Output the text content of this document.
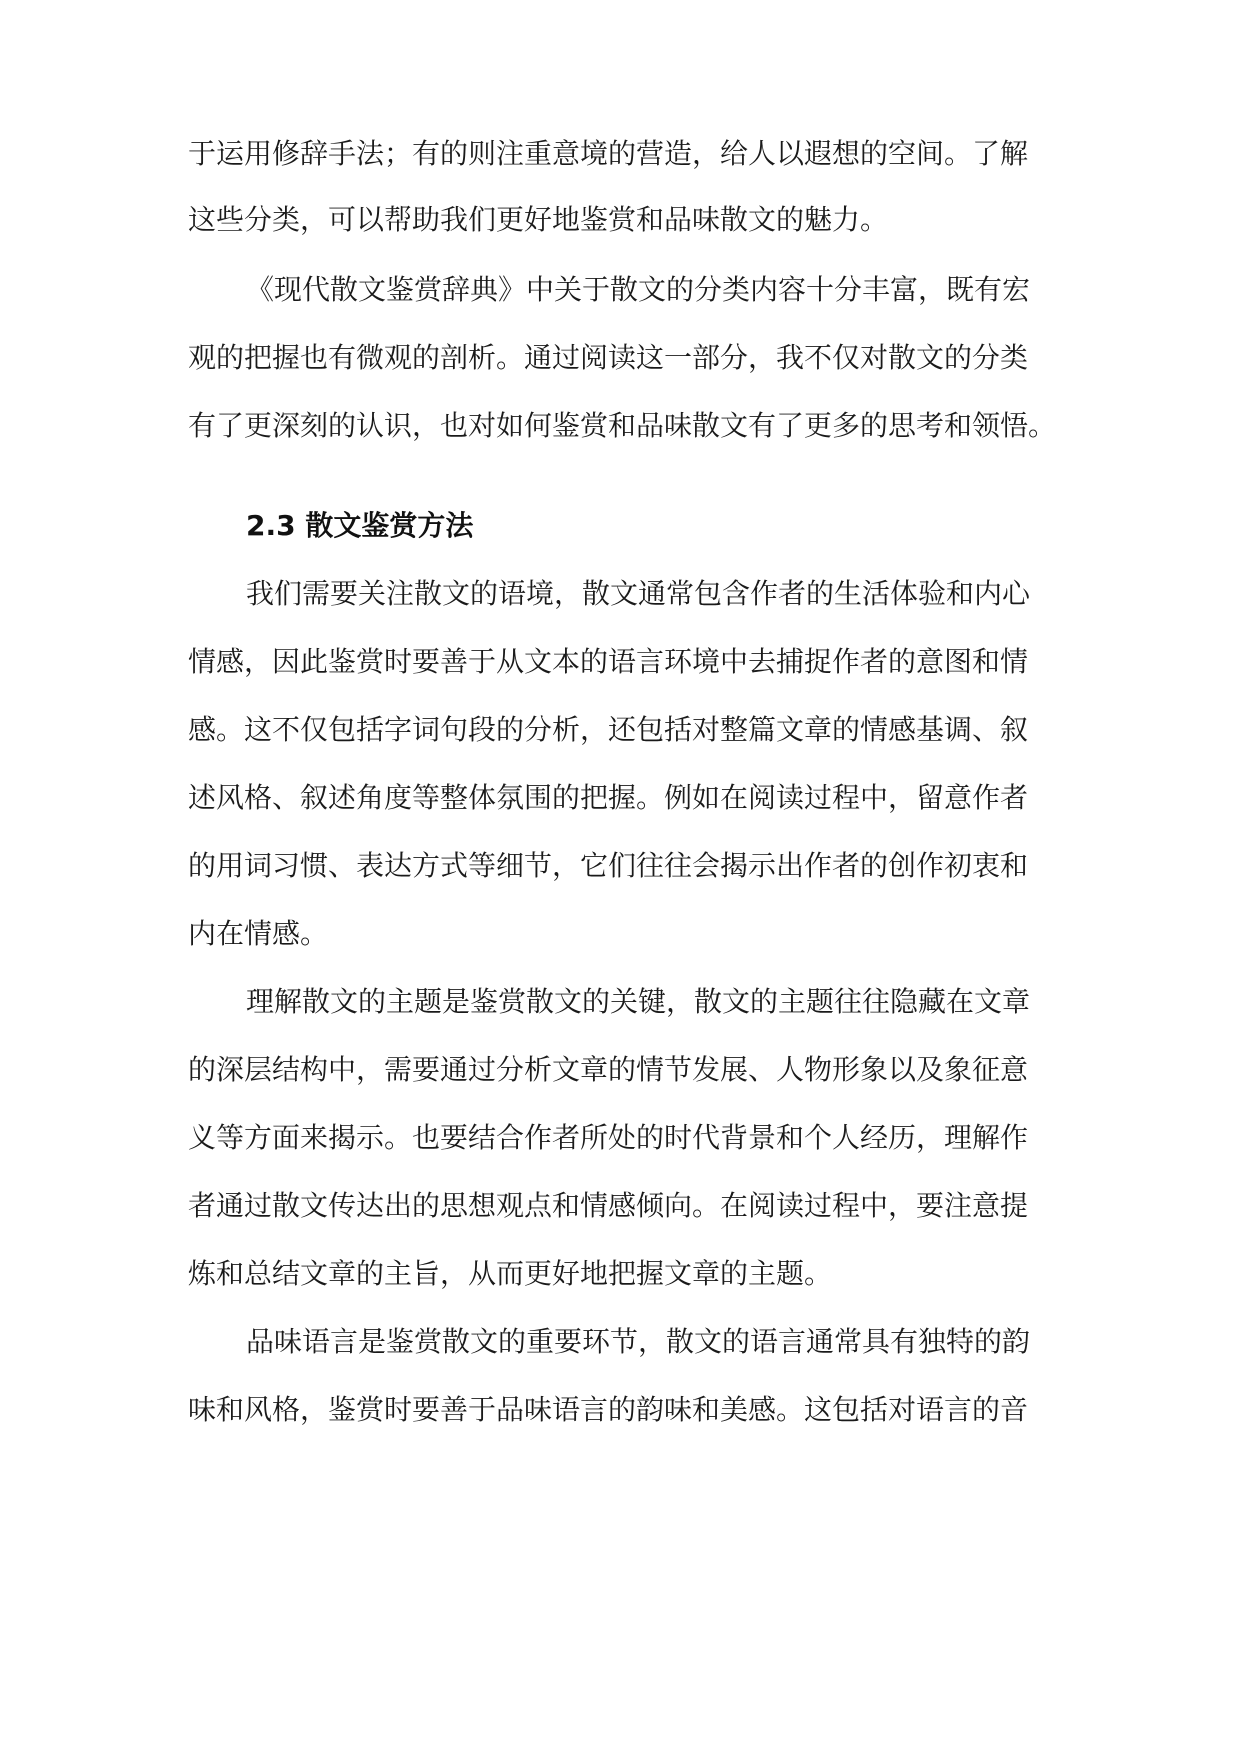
于运用修辞手法；有的则注重意境的营造，给人以遐想的空间。了解
这些分类，可以帮助我们更好地鉴赏和品味散文的魅力。
《现代散文鉴赏辞典》中关于散文的分类内容十分丰富，既有宏
观的把握也有微观的剖析。通过阅读这一部分，我不仅对散文的分类
有了更深刻的认识，也对如何鉴赏和品味散文有了更多的思考和领悟。
2.3 散文鉴赏方法
我们需要关注散文的语境，散文通常包含作者的生活体验和内心
情感，因此鉴赏时要善于从文本的语言环境中去捕捉作者的意图和情
感。这不仅包括字词句段的分析，还包括对整篇文章的情感基调、叙
述风格、叙述角度等整体氛围的把握。例如在阅读过程中，留意作者
的用词习惯、表达方式等细节，它们往往会揭示出作者的创作初衷和
内在情感。
理解散文的主题是鉴赏散文的关键，散文的主题往往隐藏在文章
的深层结构中，需要通过分析文章的情节发展、人物形象以及象征意
义等方面来揭示。也要结合作者所处的时代背景和个人经历，理解作
者通过散文传达出的思想观点和情感倾向。在阅读过程中，要注意提
炼和总结文章的主旨，从而更好地把握文章的主题。
品味语言是鉴赏散文的重要环节，散文的语言通常具有独特的韵
味和风格，鉴赏时要善于品味语言的韵味和美感。这包括对语言的音
